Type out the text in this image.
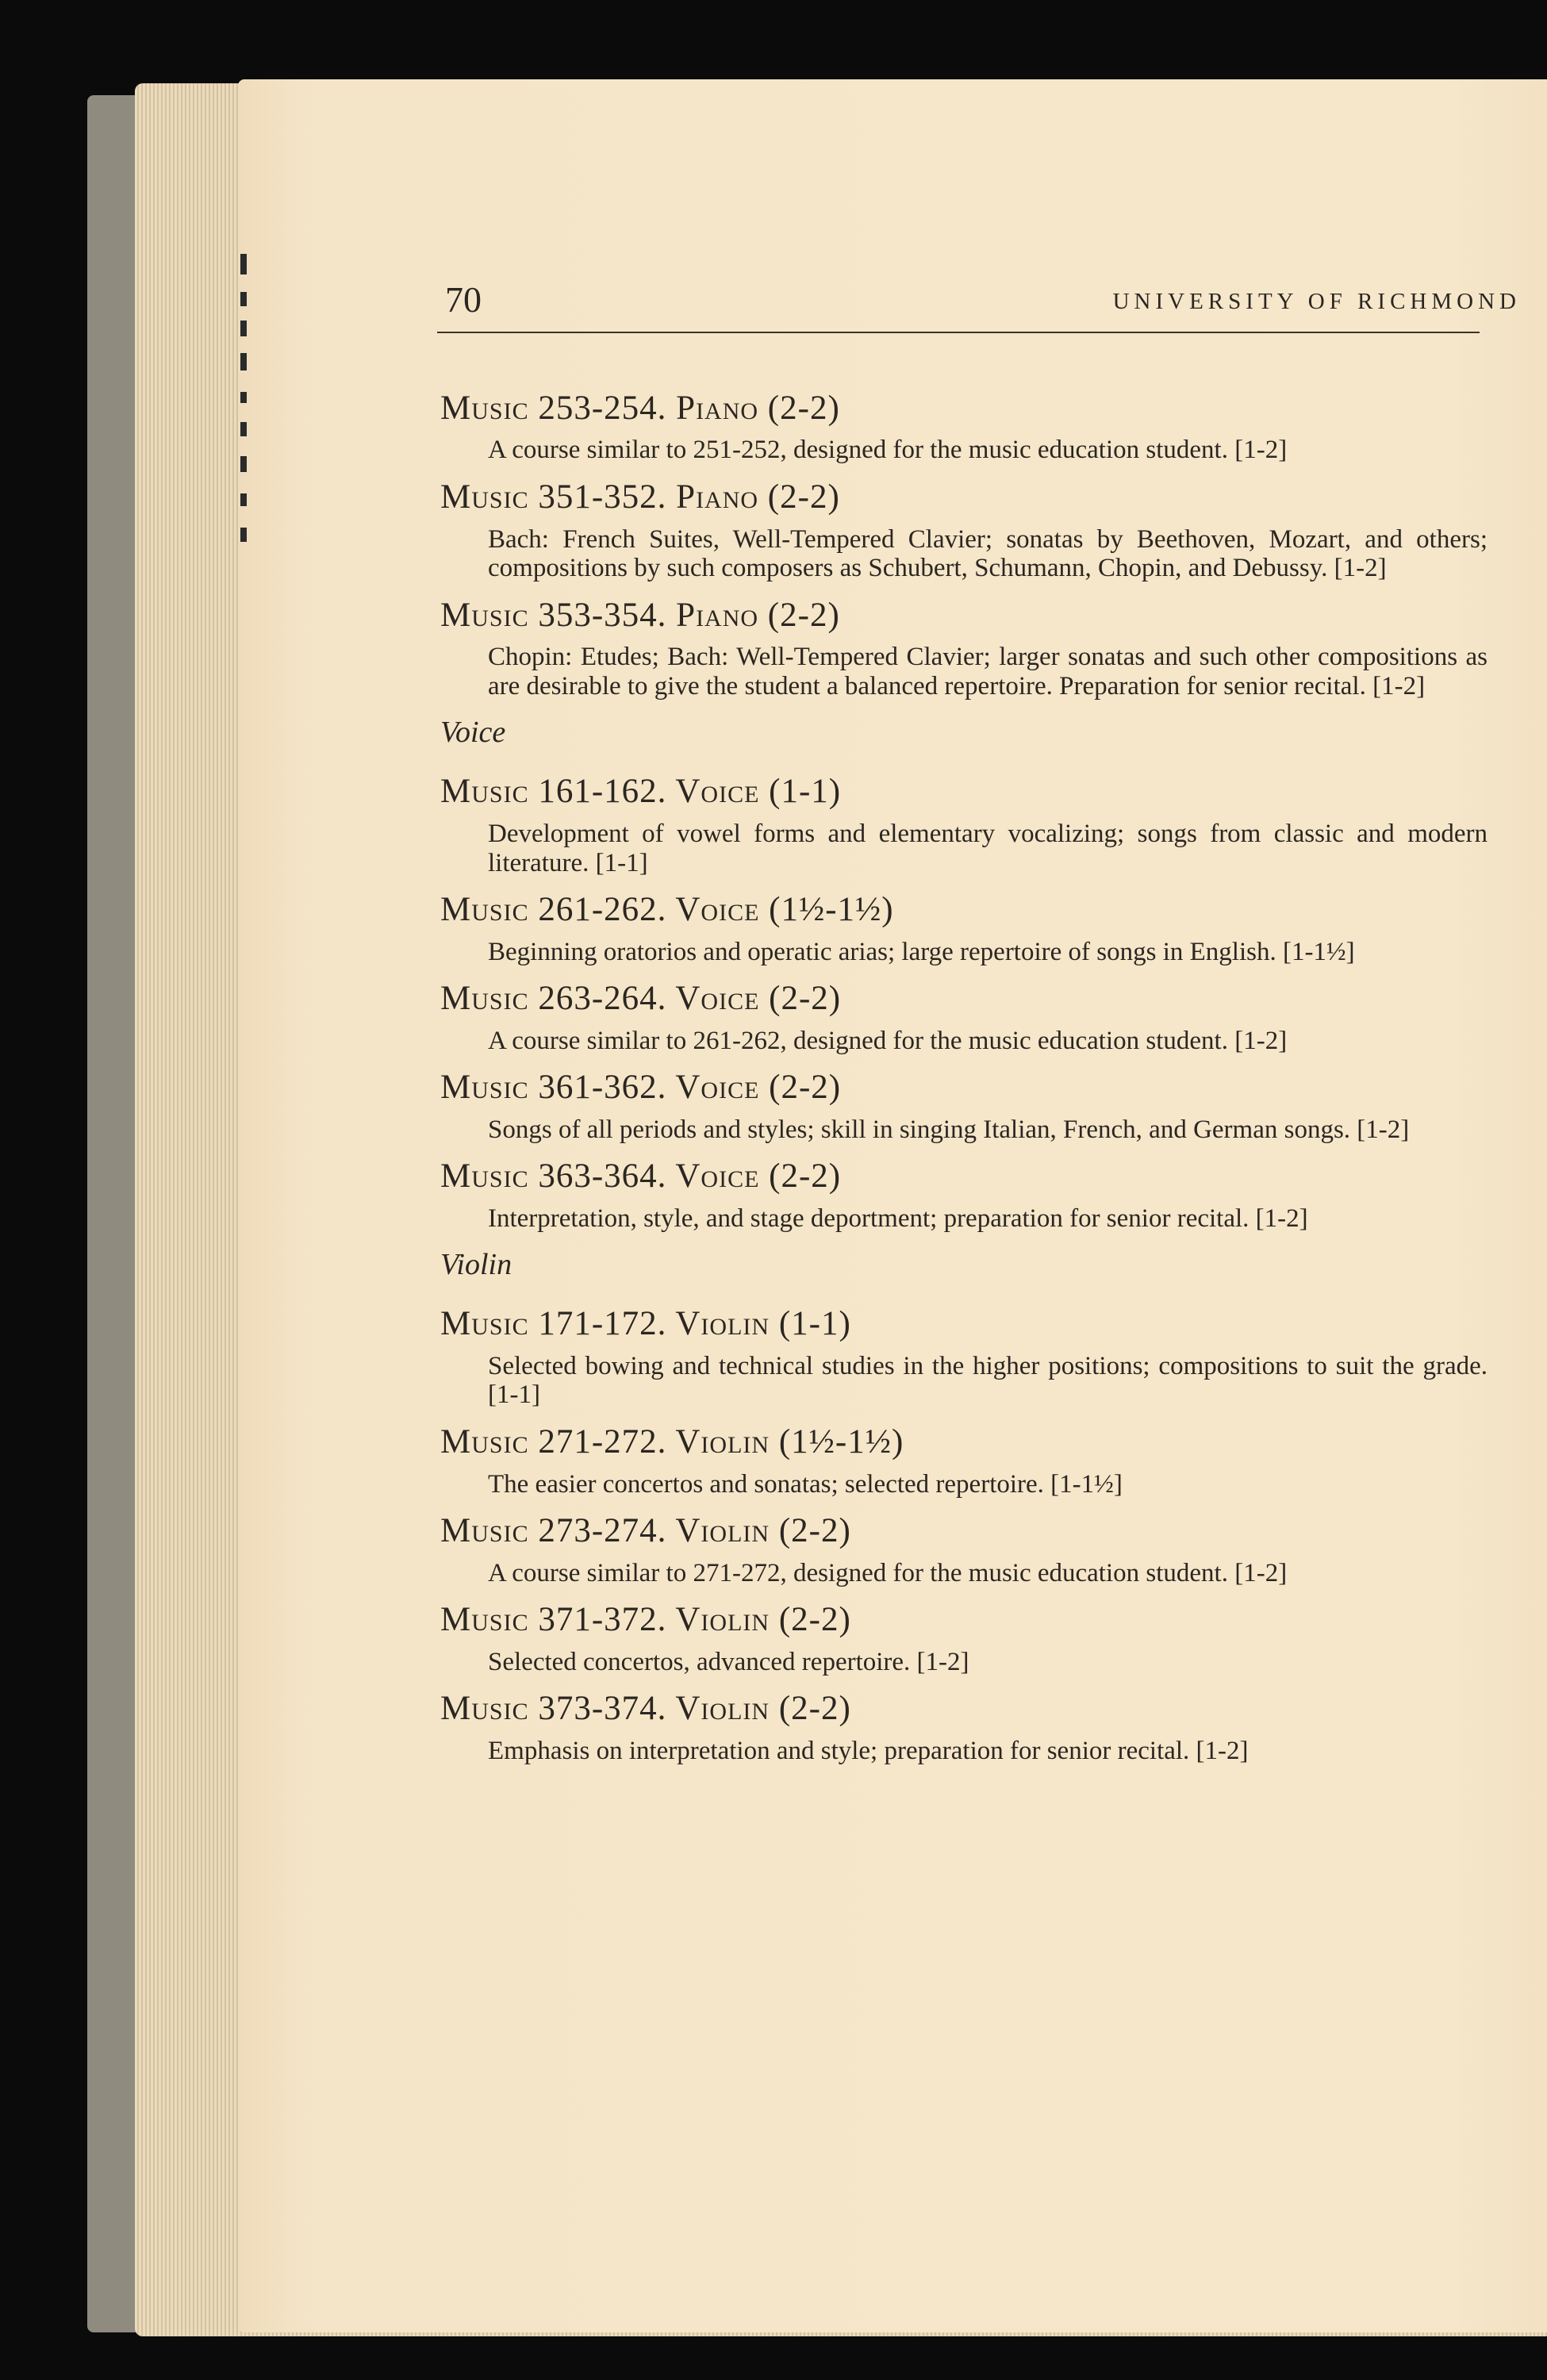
70	UNIVERSITY OF RICHMOND
Music 253-254. Piano (2-2)
A course similar to 251-252, designed for the music education student. [1-2]
Music 351-352. Piano (2-2)
Bach: French Suites, Well-Tempered Clavier; sonatas by Beethoven, Mozart, and others; compositions by such composers as Schubert, Schumann, Chopin, and Debussy. [1-2]
Music 353-354. Piano (2-2)
Chopin: Etudes; Bach: Well-Tempered Clavier; larger sonatas and such other compositions as are desirable to give the student a balanced repertoire. Preparation for senior recital. [1-2]
Voice
Music 161-162. Voice (1-1)
Development of vowel forms and elementary vocalizing; songs from classic and modern literature. [1-1]
Music 261-262. Voice (1½-1½)
Beginning oratorios and operatic arias; large repertoire of songs in English. [1-1½]
Music 263-264. Voice (2-2)
A course similar to 261-262, designed for the music education student. [1-2]
Music 361-362. Voice (2-2)
Songs of all periods and styles; skill in singing Italian, French, and German songs. [1-2]
Music 363-364. Voice (2-2)
Interpretation, style, and stage deportment; preparation for senior recital. [1-2]
Violin
Music 171-172. Violin (1-1)
Selected bowing and technical studies in the higher positions; compositions to suit the grade. [1-1]
Music 271-272. Violin (1½-1½)
The easier concertos and sonatas; selected repertoire. [1-1½]
Music 273-274. Violin (2-2)
A course similar to 271-272, designed for the music education student. [1-2]
Music 371-372. Violin (2-2)
Selected concertos, advanced repertoire. [1-2]
Music 373-374. Violin (2-2)
Emphasis on interpretation and style; preparation for senior recital. [1-2]
